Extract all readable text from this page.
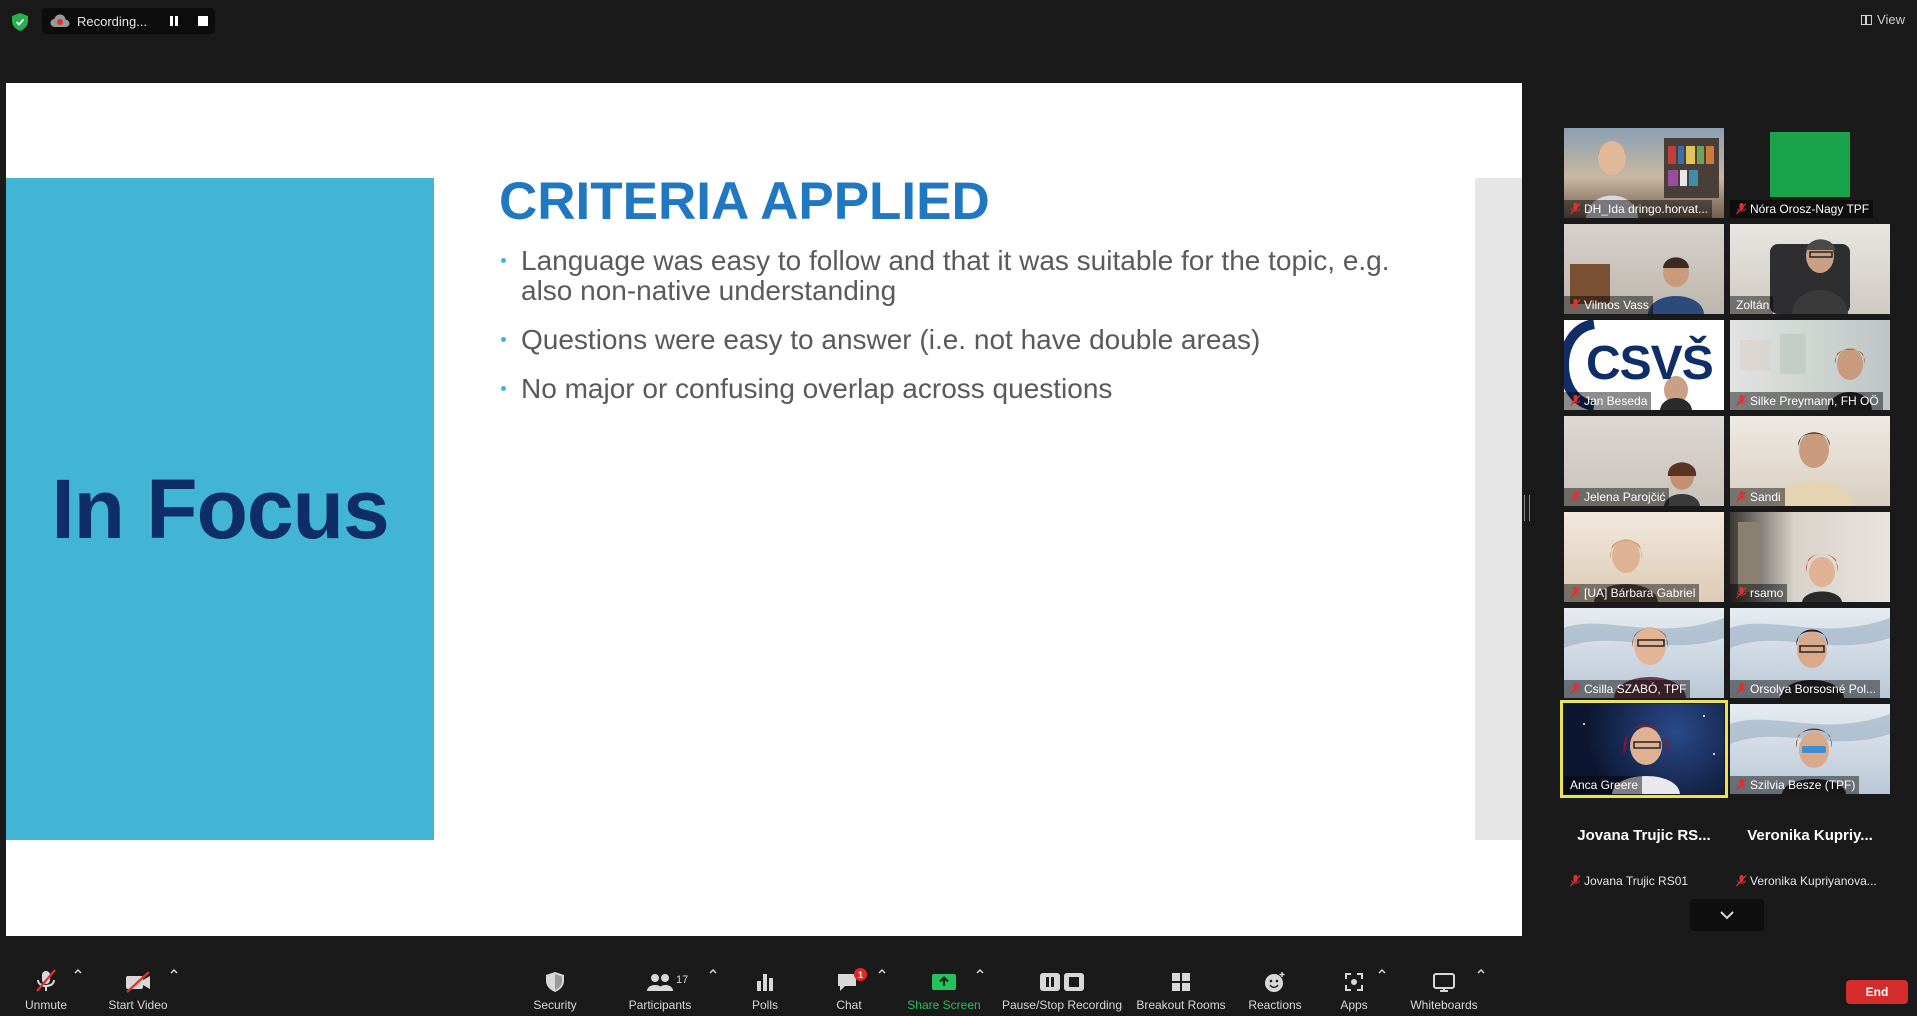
Recording...	View
In Focus
CRITERIA APPLIED
Language was easy to follow and that it was suitable for the topic, e.g. also non-native understanding
Questions were easy to answer (i.e. not have double areas)
No major or confusing overlap across questions
DH_Ida dringo.horvat...	Nóra Orosz-Nagy TPF
Vilmos Vass	Zoltán
CSVŠ
Jan Beseda	Silke Preymann, FH OÖ
Jelena Parojčić	Sandi
[UA] Bárbara Gabriel	rsamo
Csilla SZABÓ, TPF	Orsolya Borsosné Pol...
Anca Greere	Szilvia Besze (TPF)
Jovana Trujic RS...
Jovana Trujic RS01
Veronika Kupriy...
Veronika Kupriyanova...
Unmute	Start Video	Security	Participants
17
Polls	Chat
1
Share Screen Pause/Stop Recording Breakout Rooms Reactions	Apps	Whiteboards
End
